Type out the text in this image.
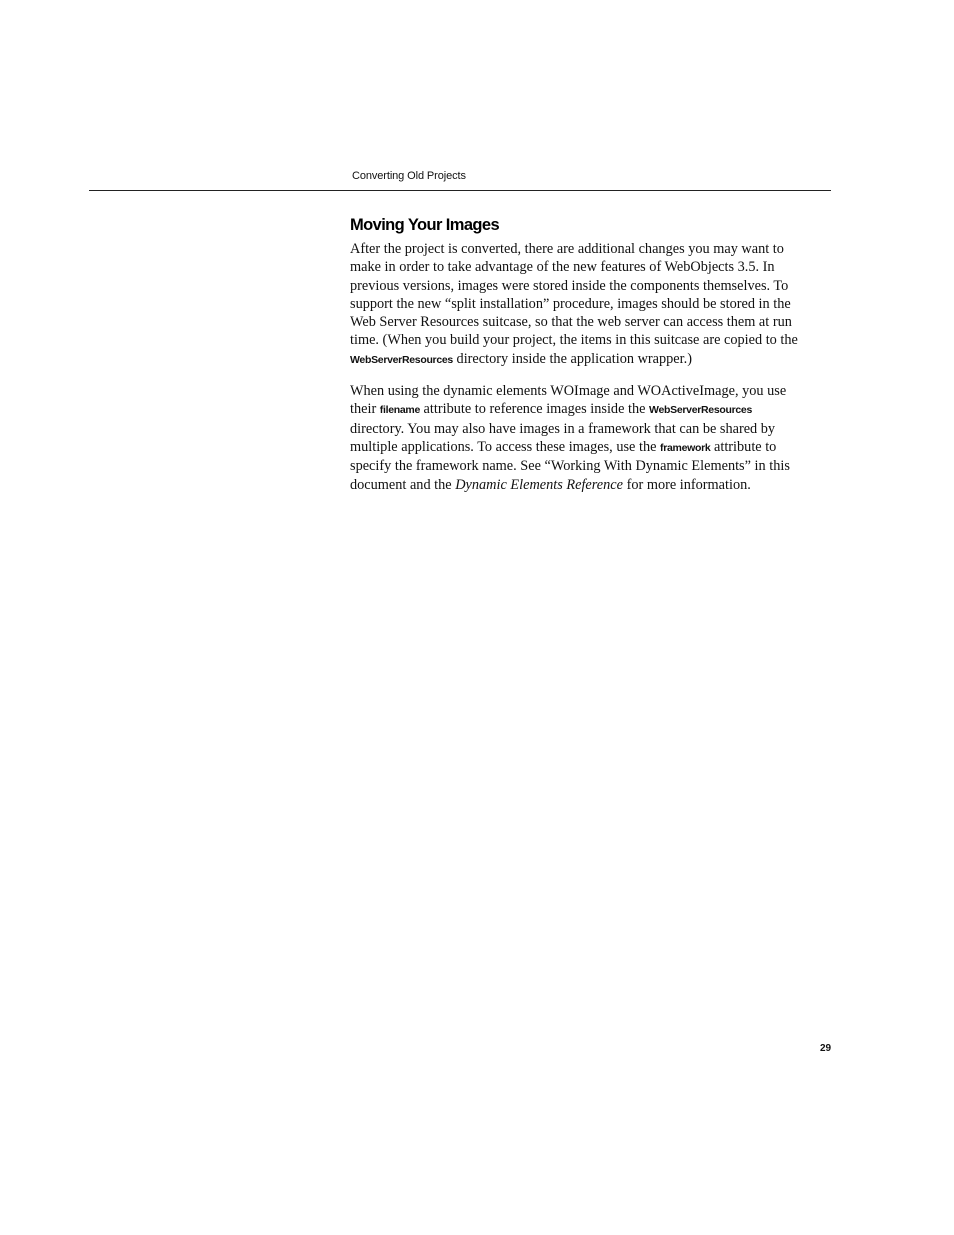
Converting Old Projects
Moving Your Images

After the project is converted, there are additional changes you may want to make in order to take advantage of the new features of WebObjects 3.5. In previous versions, images were stored inside the components themselves. To support the new “split installation” procedure, images should be stored in the Web Server Resources suitcase, so that the web server can access them at run time. (When you build your project, the items in this suitcase are copied to the WebServerResources directory inside the application wrapper.)

When using the dynamic elements WOImage and WOActiveImage, you use their filename attribute to reference images inside the WebServerResources directory. You may also have images in a framework that can be shared by multiple applications. To access these images, use the framework attribute to specify the framework name. See “Working With Dynamic Elements” in this document and the Dynamic Elements Reference for more information.

29
